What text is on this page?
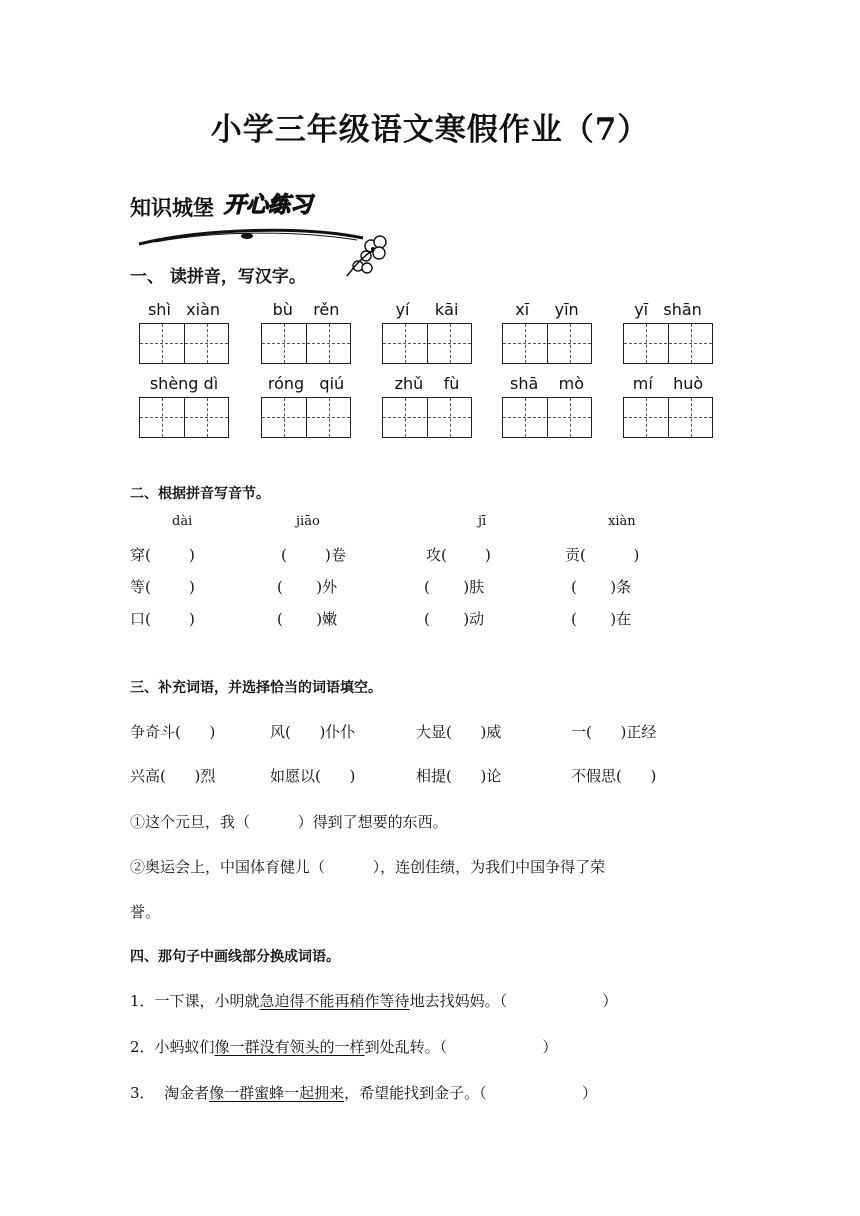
小学三年级语文寒假作业（7）
知识城堡 开心练习
一、 读拼音，写汉字。
shì   xiàn	bù    rěn	yí     kāi	xī     yīn	yī   shān
shèng dì	róng   qiú	zhǔ    fù	shā    mò	mí    huò
二、根据拼音写音节。
dài	jiāo	jī	xiàn
穿(        )	(        )卷	攻(        )	贡(          )
等(        )	(       )外	(       )肤	(       )条
口(        )	(       )嫩	(       )动	(       )在
三、补充词语，并选择恰当的词语填空。
争奇斗(      )	风(      )仆仆	大显(      )威	一(      )正经
兴高(      )烈	如愿以(      )	相提(      )论	不假思(      )
①这个元旦，我（          ）得到了想要的东西。
②奥运会上，中国体育健儿（          ），连创佳绩，为我们中国争得了荣
誉。
四、那句子中画线部分换成词语。
1．一下课，小明就急迫得不能再稍作等待地去找妈妈。（                    ）
2．小蚂蚁们像一群没有领头的一样到处乱转。（                    ）
3．  淘金者像一群蜜蜂一起拥来，希望能找到金子。（                    ）
